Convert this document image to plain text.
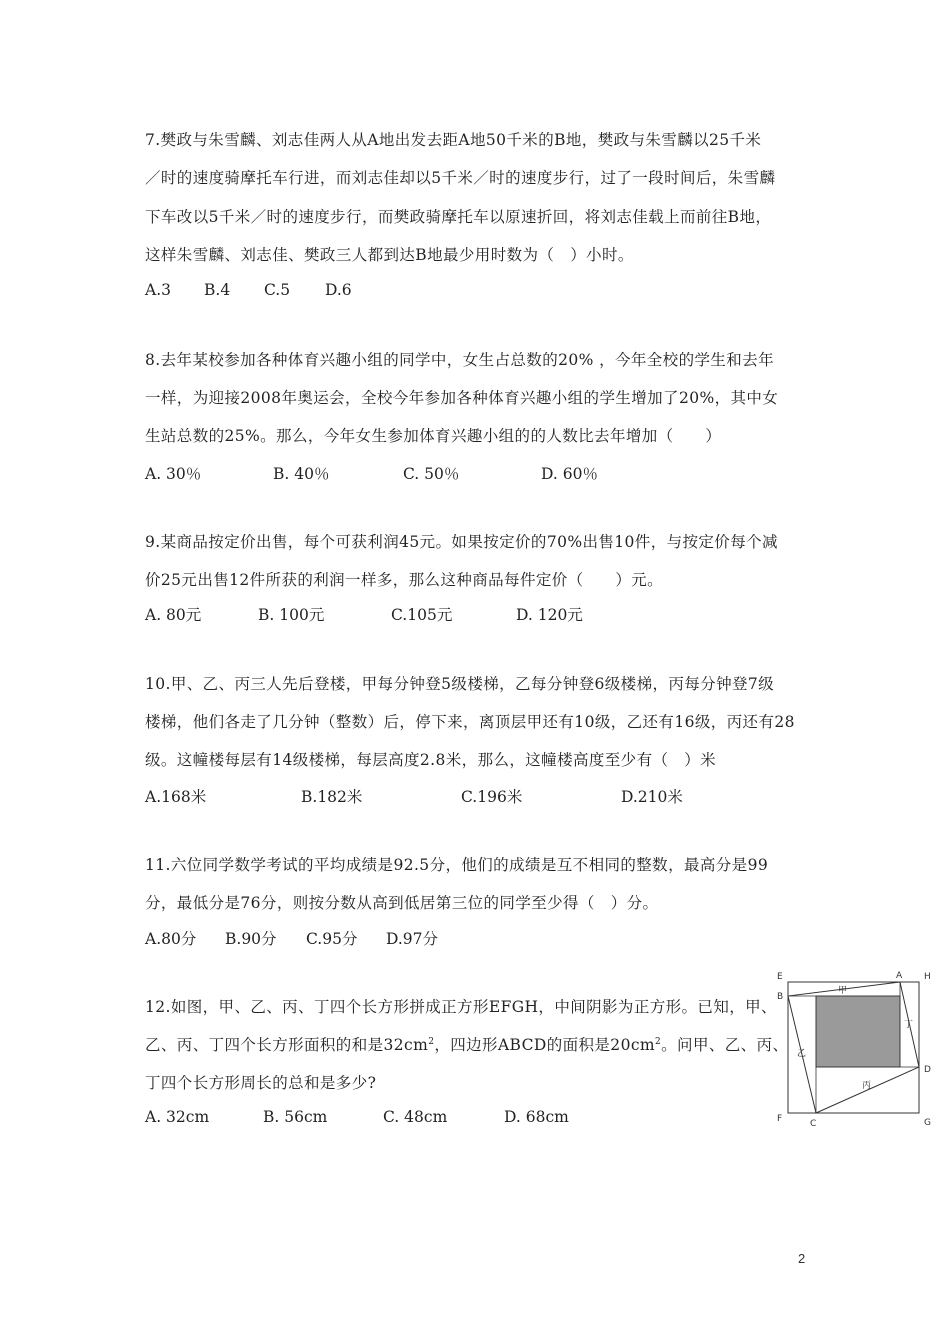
7.樊政与朱雪麟、刘志佳两人从A地出发去距A地50千米的B地，樊政与朱雪麟以25千米
／时的速度骑摩托车行进，而刘志佳却以5千米／时的速度步行，过了一段时间后，朱雪麟
下车改以5千米／时的速度步行，而樊政骑摩托车以原速折回，将刘志佳载上而前往B地，
这样朱雪麟、刘志佳、樊政三人都到达B地最少用时数为（　）小时。
A.3 B.4 C.5 D.6
8.去年某校参加各种体育兴趣小组的同学中，女生占总数的20% ，今年全校的学生和去年
一样，为迎接2008年奥运会，全校今年参加各种体育兴趣小组的学生增加了20%，其中女
生站总数的25%。那么，今年女生参加体育兴趣小组的的人数比去年增加（　　）
A. 30％	B. 40％	C. 50％	D. 60％
9.某商品按定价出售，每个可获利润45元。如果按定价的70%出售10件，与按定价每个减
价25元出售12件所获的利润一样多，那么这种商品每件定价（　　）元。
A. 80元	B. 100元	C.105元	D. 120元
10.甲、乙、丙三人先后登楼，甲每分钟登5级楼梯，乙每分钟登6级楼梯，丙每分钟登7级
楼梯，他们各走了几分钟（整数）后，停下来，离顶层甲还有10级，乙还有16级，丙还有28
级。这幢楼每层有14级楼梯，每层高度2.8米，那么，这幢楼高度至少有（　）米
A.168米	B.182米	C.196米	D.210米
11.六位同学数学考试的平均成绩是92.5分，他们的成绩是互不相同的整数，最高分是99
分，最低分是76分，则按分数从高到低居第三位的同学至少得（　）分。
A.80分 B.90分 C.95分 D.97分
12.如图，甲、乙、丙、丁四个长方形拼成正方形EFGH，中间阴影为正方形。已知，甲、
乙、丙、丁四个长方形面积的和是$32cm^2$，四边形ABCD的面积是$20cm^2$。问甲、乙、丙、
丁四个长方形周长的总和是多少?
A. 32cm	B. 56cm	C. 48cm	D. 68cm
E	A H
B
D
F	C	G
甲
乙
丙
丁
2
